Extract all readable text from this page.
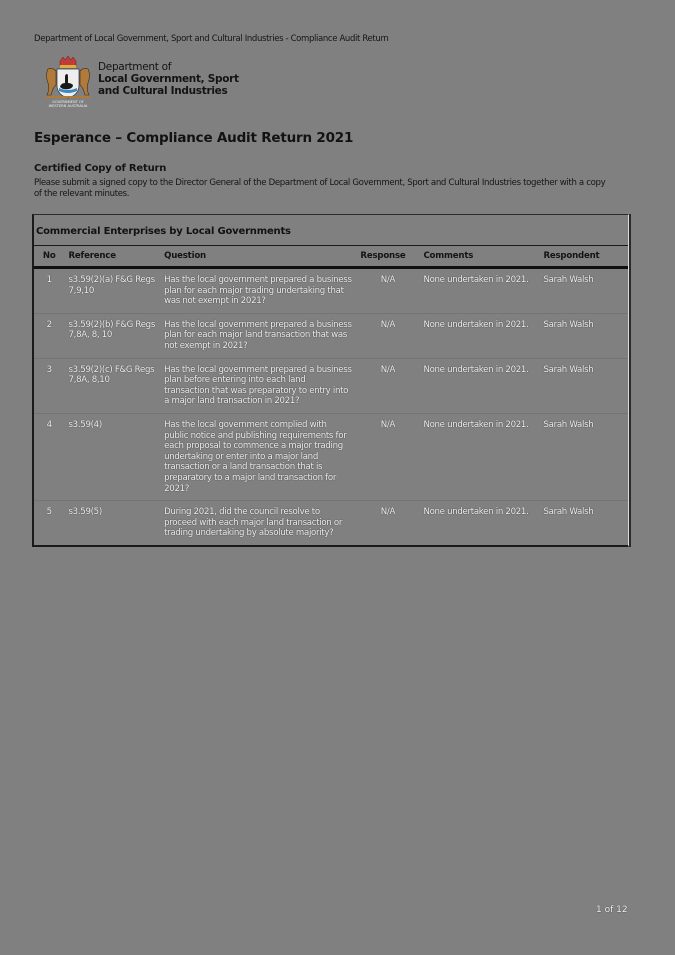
Department of Local Government, Sport and Cultural Industries - Compliance Audit Return
GOVERNMENT OF
WESTERN AUSTRALIA
Department of
Local Government, Sport
and Cultural Industries
Esperance – Compliance Audit Return 2021
Certified Copy of Return
Please submit a signed copy to the Director General of the Department of Local Government, Sport and Cultural Industries together with a copy of the relevant minutes.
Commercial Enterprises by Local Governments
No	Reference	Question	Response	Comments	Respondent
1	s3.59(2)(a) F&G Regs 7,9,10	Has the local government prepared a business plan for each major trading undertaking that was not exempt in 2021?	N/A	None undertaken in 2021.	Sarah Walsh
2	s3.59(2)(b) F&G Regs 7,8A, 8, 10	Has the local government prepared a business plan for each major land transaction that was not exempt in 2021?	N/A	None undertaken in 2021.	Sarah Walsh
3	s3.59(2)(c) F&G Regs 7,8A, 8,10	Has the local government prepared a business plan before entering into each land transaction that was preparatory to entry into a major land transaction in 2021?	N/A	None undertaken in 2021.	Sarah Walsh
4	s3.59(4)	Has the local government complied with public notice and publishing requirements for each proposal to commence a major trading undertaking or enter into a major land transaction or a land transaction that is preparatory to a major land transaction for 2021?	N/A	None undertaken in 2021.	Sarah Walsh
5	s3.59(5)	During 2021, did the council resolve to proceed with each major land transaction or trading undertaking by absolute majority?	N/A	None undertaken in 2021.	Sarah Walsh
1 of 12
